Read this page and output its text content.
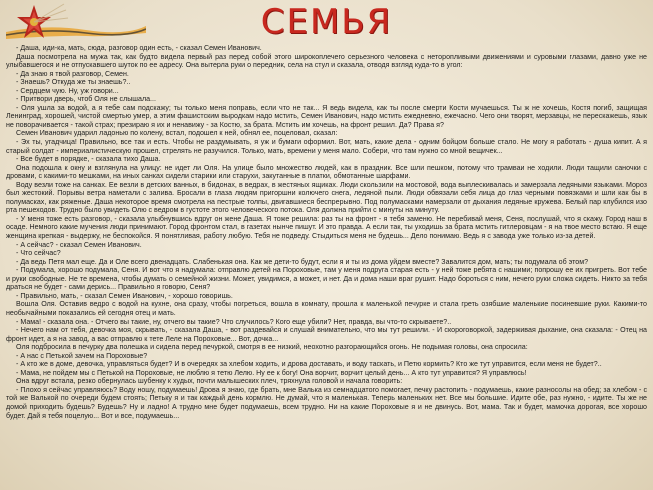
СЕМЬЯ

- Даша, иди-ка, мать, сюда, разговор один есть, - сказал Семен Иванович.

Даша посмотрела на мужа так, как будто видела первый раз перед собой этого широкоплечего серьезного человека с неторопливыми движениями и суровыми глазами, давно уже не улыбавшегося и не отпускавшего шуток по ее адресу. Она вытерла руки о передник, села на стул и сказала, отводя взгляд куда-то в угол:

- Да знаю я твой разговор, Семен.

- Знаешь? Откуда же ты знаешь?..

- Сердцем чую. Ну, уж говори...

- Притвори дверь, чтоб Оля не слышала...

- Оля ушла за водой, а я тебе сам подскажу; ты только меня поправь, если что не так... Я ведь видела, как ты после смерти Кости мучаешься. Ты ж не хочешь, Костя погиб, защищая Ленинград, хорошей, чистой смертью умер, а этим фашистским выродкам надо мстить, Семен Иванович, надо мстить ежедневно, ежечасно. Чего они творят, мерзавцы, не перескажешь, язык не поворачивается - такой страх; презираю я их и ненавижу - за Костю, за брата. Мстить им хочешь, на фронт решил. Да? Права я?

Семен Иванович ударил ладонью по колену, встал, подошел к ней, обнял ее, поцеловал, сказал:

- Эх ты, угадчица! Правильно, все так и есть. Чтобы не раздумывать, я уж и бумаги оформил. Вот, мать, какие дела - одним бойцом больше стало. Не могу я работать - душа кипит. А я старый солдат - империалистическую прошел, стрелять не разучился. Только, мать, времени у меня мало. Собери, что там нужно со мной вещичек...

- Все будет в порядке, - сказала тихо Даша.

Она подошла к окну и взглянула на улицу: не идет ли Оля. На улице было множество людей, как в праздник. Все шли пешком, потому что трамваи не ходили. Люди тащили саночки с дровами, с какими-то мешками, на иных санках сидели старики или старухи, закутанные в платки, обмотанные шарфами.

Воду везли тоже на санках. Ее везли в детских ванных, в бидонах, в ведрах, в жестяных ящиках. Люди скользили на мостовой, вода выплескивалась и замерзала ледяными языками. Мороз был жестокий. Порывы ветра наметали с залива. Бросали в глаза людям пригоршни колючего снега, ледяной пыли. Люди обвязали себя лица до глаз черными повязками и шли как бы в полумасках, как ряженые. Даша некоторое время смотрела на пестрые толпы, двигавшиеся беспрерывно. Под полумасками намерзали от дыхания ледяные кружева. Белый пар клубился изо рта пешеходов. Трудно было увидеть Олю с ведром в густоте этого человеческого потока. Оля должна прийти с минуты на минуту.

- У меня тоже есть разговор, - сказала улыбнувшись вдруг он жене Даша. Я тоже решила: раз ты на фронт - я тебя заменю. Не перебивай меня, Сеня, послушай, что я скажу. Город наш в осаде. Немного какие мучения люди принимают. Город фронтом стал, в газетах нынче пишут. И это правда. А если так, ты уходишь за брата мстить гитлеровцам - я на твое место встаю. Я еще женщина крепкая - выдержу, не беспокойся. Я понятливая, работу любую. Тебя не подведу. Стыдиться меня не будешь... Дело понимаю. Ведь я с завода уже только из-за детей.

- А сейчас? - сказал Семен Иванович.

- Что сейчас?

- Да ведь Петя мал еще. Да и Оле всего двенадцать. Слабенькая она. Как же дети-то будут, если я и ты из дома уйдем вместе? Завалится дом, мать; ты подумала об этом?

- Подумала, хорошо подумала, Сеня. И вот что я надумала: отправлю детей на Пороховые, там у меня подруга старая есть - у ней тоже ребята с нашими; попрошу ее их пригреть. Вот тебе и руки свободные. Не те времена, чтобы думать о семейной жизни. Может, увидимся, а может, и нет. Да и дома наши враг рушит. Надо бороться с ним, нечего руки сложа сидеть. Никто за тебя драться не будет - сами дерись... Правильно я говорю, Сеня?

- Правильно, мать, - сказал Семен Иванович, - хорошо говоришь.

Вошла Оля. Оставив ведро с водой на кухне, она сразу, чтобы погреться, вошла в комнату, прошла к маленькой печурке и стала греть озябшие маленькие посиневшие руки. Какими-то необычайными показались ей сегодня отец и мать.

- Мама! - сказала она. - Отчего вы такие, ну, отчего вы такие? Что случилось? Кого еще убили? Нет, правда, вы что-то скрываете?..

- Нечего нам от тебя, девочка моя, скрывать, - сказала Даша, - вот раздевайся и слушай внимательно, что мы тут решили. - И скороговоркой, задерживая дыхание, она сказала: - Отец на фронт идет, а я на завод, а вас отправлю к тете Леле на Пороховые... Вот, дочка...

Оля подбросила в печурку два полешка и сидела перед печуркой, смотря в ее низкий, неохотно разгорающийся огонь. Не подымая головы, она спросила:

- А нас с Петькой зачем на Пороховые?

- А кто же в доме, девочка, управляться будет? И в очередях за хлебом ходить, и дрова доставать, и воду таскать, и Петю кормить? Кто же тут управится, если меня не будет?..

- Мама, не пойдем мы с Петькой на Пороховые, не люблю я тетю Лелю. Ну ее к богу! Она ворчит, ворчит целый день... А кто тут управится? Я управлюсь!

Она вдруг встала, резко обернулась шубенку к худых, почти малышеских плеч, тряхнула головой и начала говорить:

- Плохо я сейчас управляюсь? Воду ношу, подумаешь! Дрова я знаю, где брать, мне Валька из семнадцатого помогает, печку растопить - подумаешь, какие разносолы на обед; за хлебом - с той же Валькой по очереди будем стоять; Петьку я и так каждый день кормлю. Не думай, что я маленькая. Теперь маленьких нет. Все мы большие. Идите обе, раз нужно, - идите. Ты же не домой приходить будешь? Будешь? Ну и ладно! А трудно мне будет подумаешь, всем трудно. Ни на какие Пороховые я и не двинусь. Вот, мама. Так и будет, мамочка дорогая, все хорошо будет. Дай я тебя поцелую... Вот и все, подумаешь...
